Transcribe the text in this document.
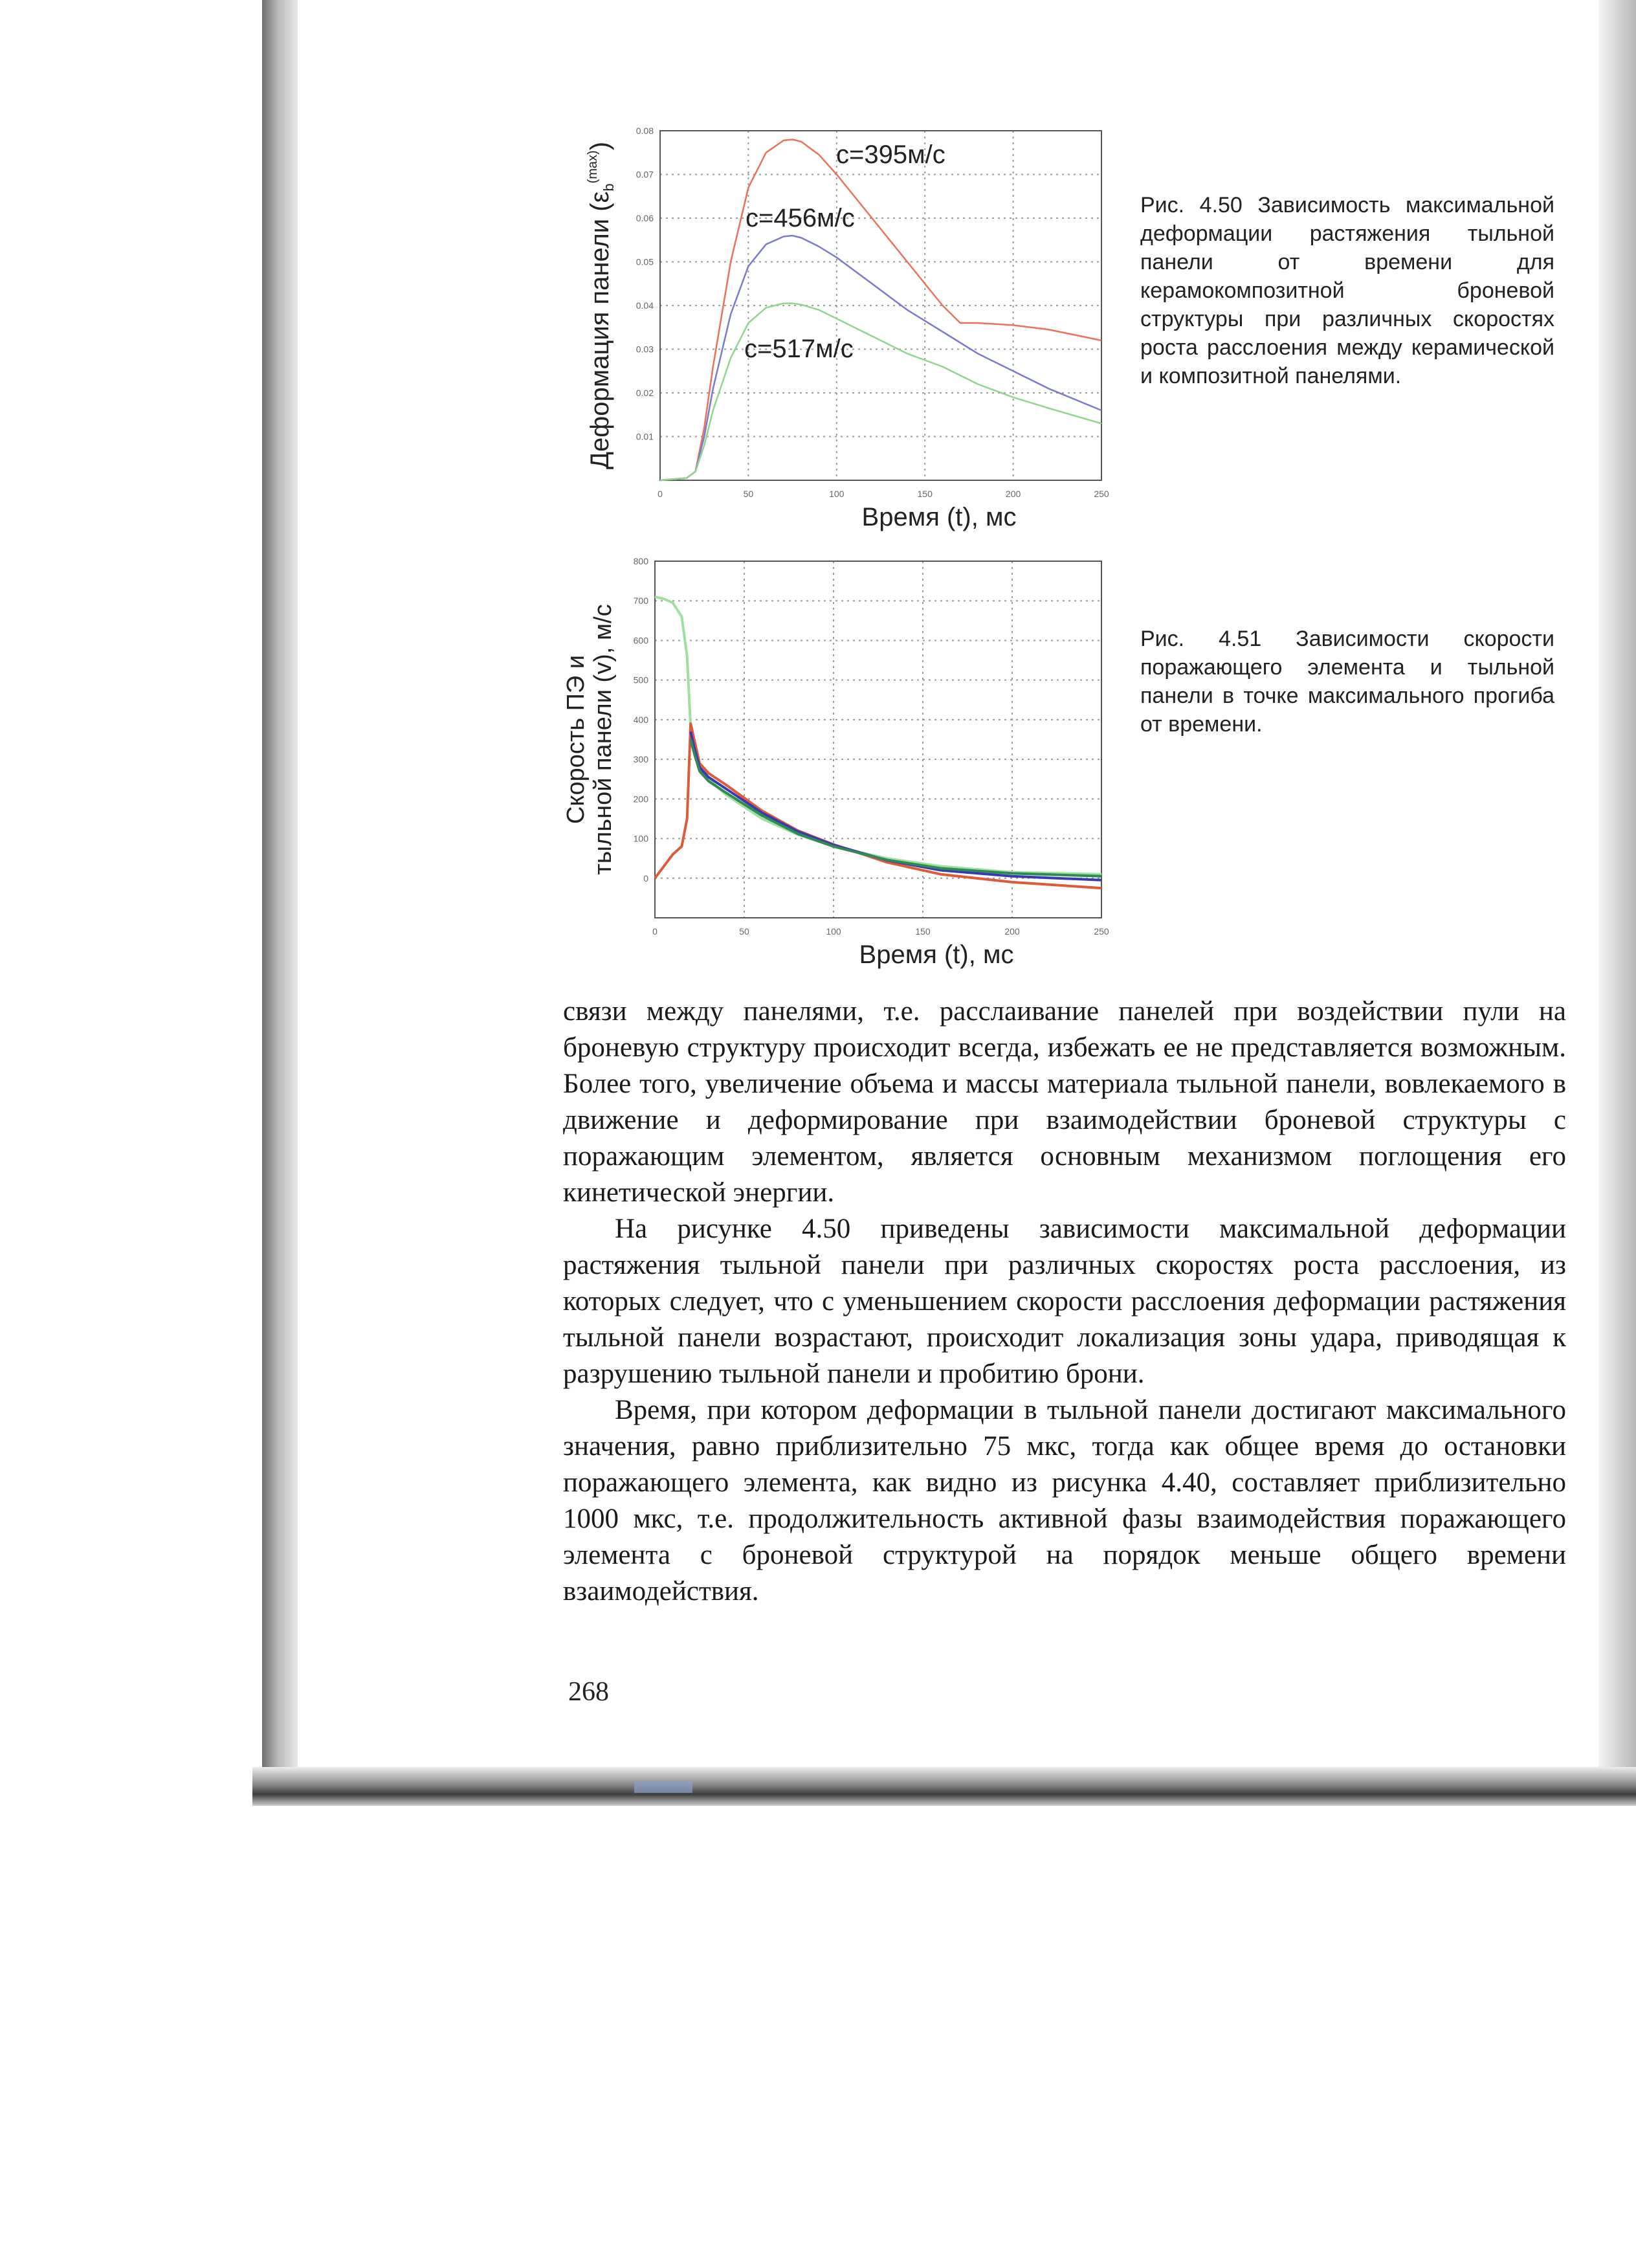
0	50	100	150	200	250
0.01
0.02
0.03
0.04
0.05
0.06
0.07
0.08
Время (t), мс
Деформация панели $(\varepsilon_b^{(max)})$	c=395м/с
c=456м/с
c=517м/с

Рис. 4.50 Зависимость максимальной деформации растяжения тыльной панели от времени для керамокомпозитной броневой структуры при различных скоростях роста расслоения между керамической и композитной панелями.

0	50	100	150	200	250
0
100
200
300
400
500
600
700
800
Время (t), мс
Скорость ПЭ и тыльной панели (v), м/с	Рис. 4.51 Зависимости скорости поражающего элемента и тыльной панели в точке максимального прогиба от времени.

связи между панелями, т.е. расслаивание панелей при воздействии пули на броневую структуру происходит всегда, избежать ее не представляется возможным. Более того, увеличение объема и массы материала тыльной панели, вовлекаемого в движение и деформирование при взаимодействии броневой структуры с поражающим элементом, является основным механизмом поглощения его кинетической энергии.

На рисунке 4.50 приведены зависимости максимальной деформации растяжения тыльной панели при различных скоростях роста расслоения, из которых следует, что с уменьшением скорости расслоения деформации растяжения тыльной панели возрастают, происходит локализация зоны удара, приводящая к разрушению тыльной панели и пробитию брони.

Время, при котором деформации в тыльной панели достигают максимального значения, равно приблизительно 75 мкс, тогда как общее время до остановки поражающего элемента, как видно из рисунка 4.40, составляет приблизительно 1000 мкс, т.е. продолжительность активной фазы взаимодействия поражающего элемента с броневой структурой на порядок меньше общего времени взаимодействия.

268
